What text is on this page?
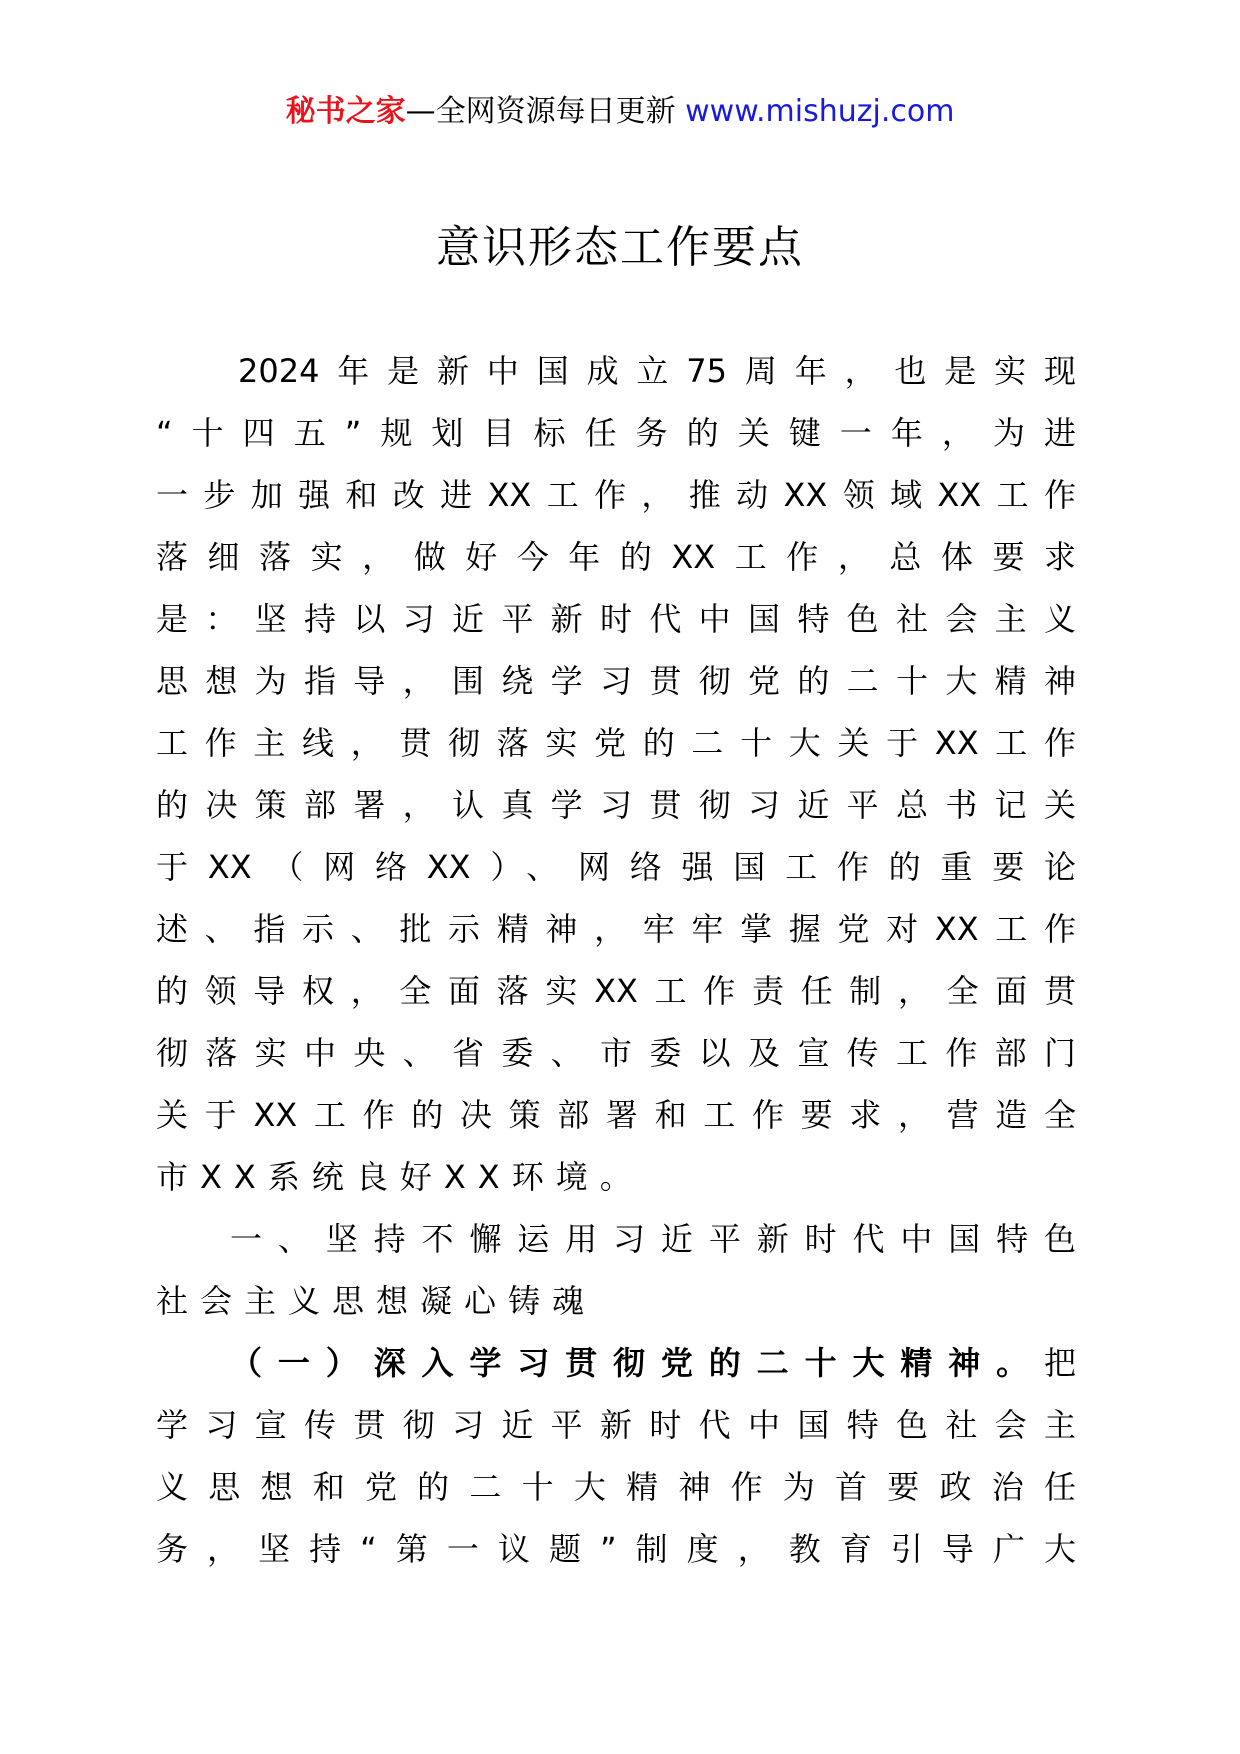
秘书之家—全网资源每日更新 www.mishuzj.com
意识形态工作要点
2024年是新中国成立75周年，也是实现
“十四五”规划目标任务的关键一年，为进
一步加强和改进XX工作，推动XX领域XX工作
落细落实，做好今年的XX工作，总体要求
是：坚持以习近平新时代中国特色社会主义
思想为指导，围绕学习贯彻党的二十大精神
工作主线，贯彻落实党的二十大关于XX工作
的决策部署，认真学习贯彻习近平总书记关
于XX（网络XX）、网络强国工作的重要论
述、指示、批示精神，牢牢掌握党对XX工作
的领导权，全面落实XX工作责任制，全面贯
彻落实中央、省委、市委以及宣传工作部门
关于XX工作的决策部署和工作要求，营造全
市XX系统良好XX环境。
一、坚持不懈运用习近平新时代中国特色
社会主义思想凝心铸魂
（一）深入学习贯彻党的二十大精神。把
学习宣传贯彻习近平新时代中国特色社会主
义思想和党的二十大精神作为首要政治任
务，坚持“第一议题”制度，教育引导广大
